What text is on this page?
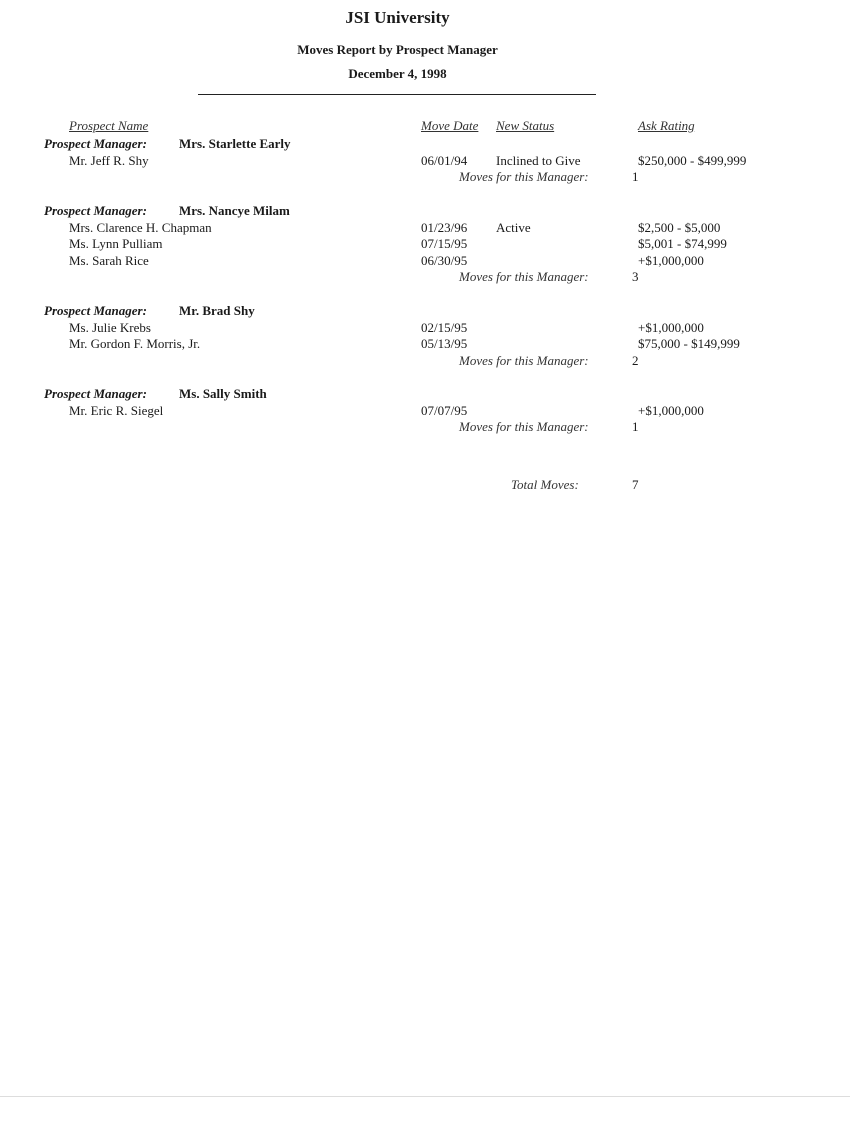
JSI University
Moves Report by Prospect Manager
December 4, 1998
Prospect Name	Move Date New Status	Ask Rating
Prospect Manager: Mrs. Starlette Early
Mr. Jeff R. Shy	06/01/94 Inclined to Give	$250,000 - $499,999
Moves for this Manager:	1
Prospect Manager: Mrs. Nancye Milam
Mrs. Clarence H. Chapman	01/23/96 Active	$2,500 - $5,000
Ms. Lynn Pulliam	07/15/95	$5,001 - $74,999
Ms. Sarah Rice	06/30/95	+$1,000,000
Moves for this Manager:	3
Prospect Manager: Mr. Brad Shy
Ms. Julie Krebs	02/15/95	+$1,000,000
Mr. Gordon F. Morris, Jr.	05/13/95	$75,000 - $149,999
Moves for this Manager:	2
Prospect Manager: Ms. Sally Smith
Mr. Eric R. Siegel	07/07/95	+$1,000,000
Moves for this Manager:	1
Total Moves:	7
